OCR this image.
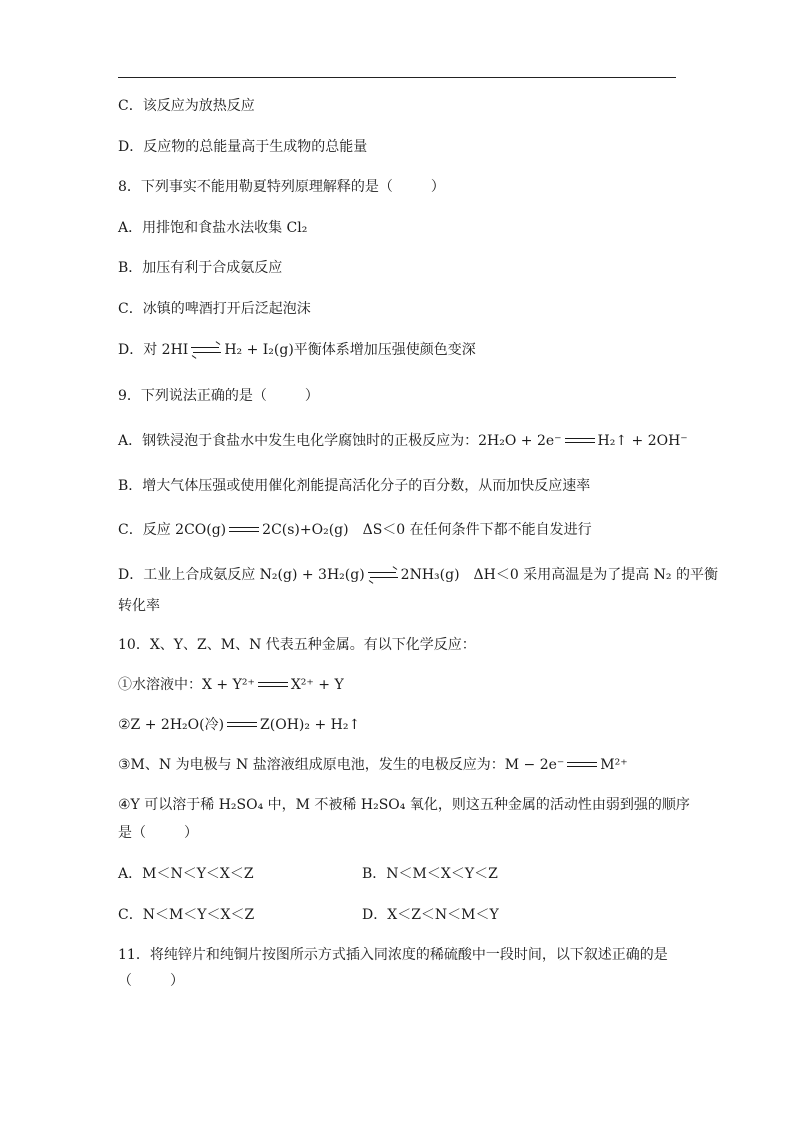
C．该反应为放热反应
D．反应物的总能量高于生成物的总能量
8．下列事实不能用勒夏特列原理解释的是（	）
A．用排饱和食盐水法收集 Cl₂
B．加压有利于合成氨反应
C．冰镇的啤酒打开后泛起泡沫
D．对 2HI	H₂ + I₂(g)平衡体系增加压强使颜色变深
9．下列说法正确的是（	）
A．钢铁浸泡于食盐水中发生电化学腐蚀时的正极反应为：2H₂O + 2e⁻	H₂↑ + 2OH⁻
B．增大气体压强或使用催化剂能提高活化分子的百分数，从而加快反应速率
C．反应 2CO(g)	2C(s)+O₂(g)　ΔS＜0 在任何条件下都不能自发进行
D．工业上合成氨反应 N₂(g) + 3H₂(g)	2NH₃(g)　ΔH＜0 采用高温是为了提高 N₂ 的平衡
转化率
10．X、Y、Z、M、N 代表五种金属。有以下化学反应：
①水溶液中：X + Y²⁺	X²⁺ + Y
②Z + 2H₂O(冷)	Z(OH)₂ + H₂↑
③M、N 为电极与 N 盐溶液组成原电池，发生的电极反应为：M − 2e⁻	M²⁺
④Y 可以溶于稀 H₂SO₄ 中，M 不被稀 H₂SO₄ 氧化，则这五种金属的活动性由弱到强的顺序
是（	）
A．M＜N＜Y＜X＜Z	B．N＜M＜X＜Y＜Z
C．N＜M＜Y＜X＜Z	D．X＜Z＜N＜M＜Y
11．将纯锌片和纯铜片按图所示方式插入同浓度的稀硫酸中一段时间，以下叙述正确的是
（	）
